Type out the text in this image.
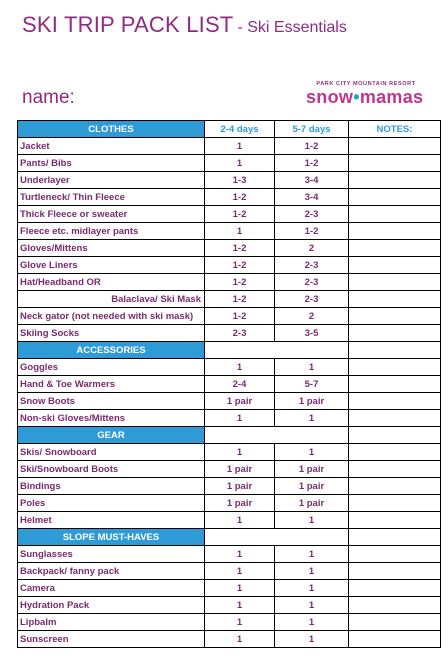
SKI TRIP PACK LIST - Ski Essentials
name:
PARK CITY MOUNTAIN RESORT
snow•mamas
CLOTHES	2-4 days	5-7 days	NOTES:
Jacket	1	1-2	
Pants/ Bibs	1	1-2	
Underlayer	1-3	3-4	
Turtleneck/ Thin Fleece	1-2	3-4	
Thick Fleece or sweater	1-2	2-3	
Fleece etc. midlayer pants	1	1-2	
Gloves/Mittens	1-2	2	
Glove Liners	1-2	2-3	
Hat/Headband OR	1-2	2-3	
Balaclava/ Ski Mask	1-2	2-3	
Neck gator (not needed with ski mask)	1-2	2	
Skiing Socks	2-3	3-5	
ACCESSORIES			
Goggles	1	1	
Hand & Toe Warmers	2-4	5-7	
Snow Boots	1 pair	1 pair	
Non-ski Gloves/Mittens	1	1	
GEAR			
Skis/ Snowboard	1	1	
Ski/Snowboard Boots	1 pair	1 pair	
Bindings	1 pair	1 pair	
Poles	1 pair	1 pair	
Helmet	1	1	
SLOPE MUST-HAVES			
Sunglasses	1	1	
Backpack/ fanny pack	1	1	
Camera	1	1	
Hydration Pack	1	1	
Lipbalm	1	1	
Sunscreen	1	1	
